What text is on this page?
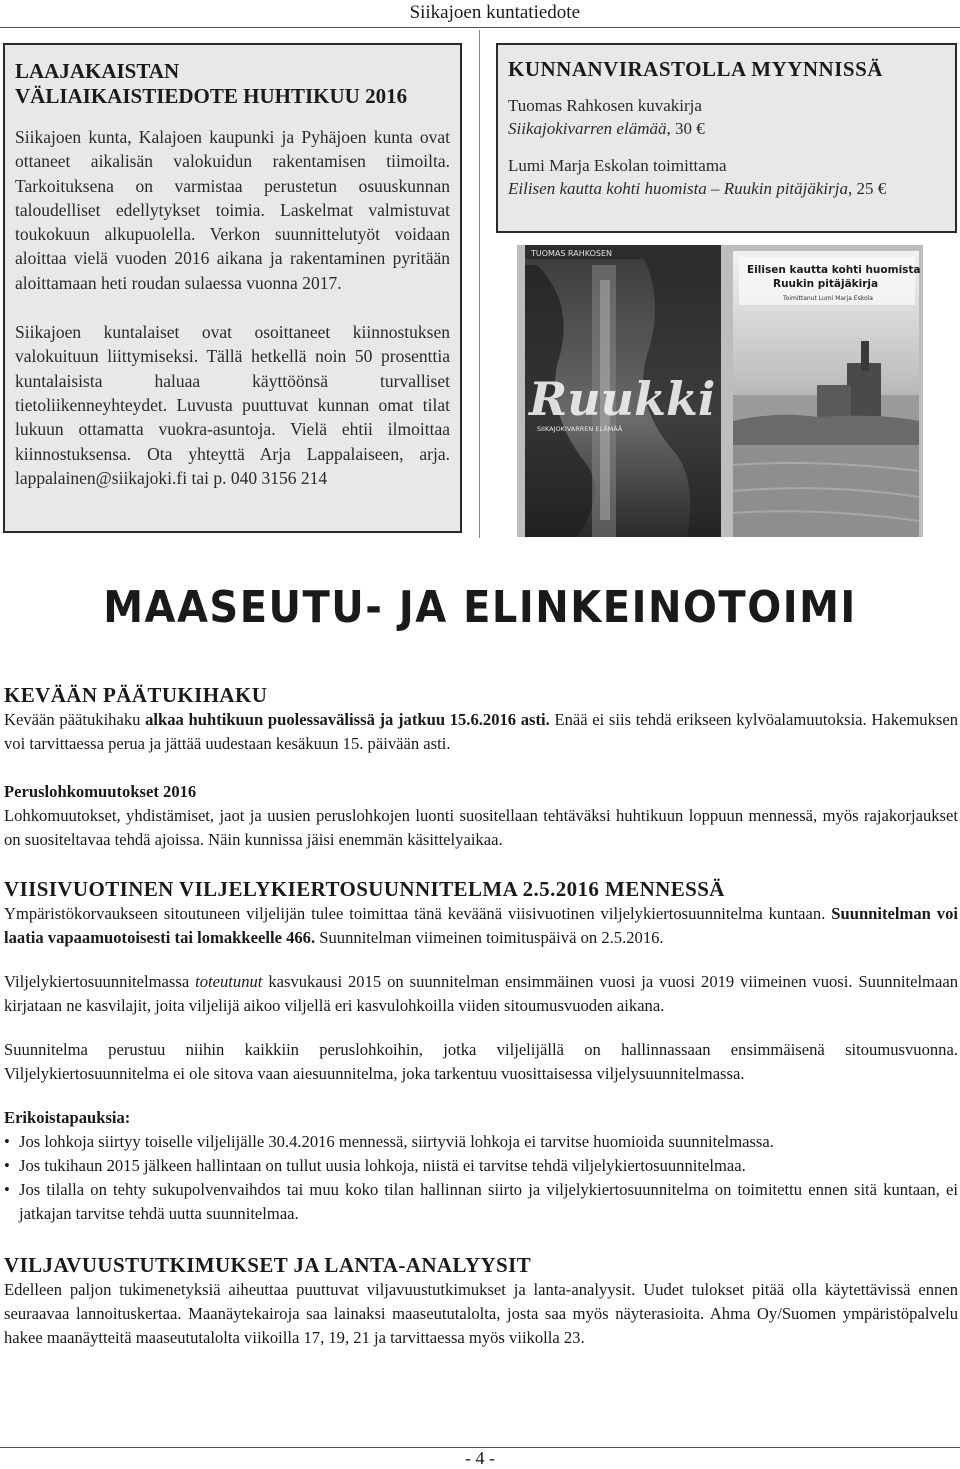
Siikajoen kuntatiedote
LAAJAKAISTAN
VÄLIAIKAISTIEDOTE HUHTIKUU 2016

Siikajoen kunta, Kalajoen kaupunki ja Pyhäjoen kunta ovat ottaneet aikalisän valokuidun rakentamisen tiimoilta. Tarkoituksena on varmistaa perustetun osuuskunnan taloudelliset edellytykset toimia. Laskelmat valmistuvat toukokuun alkupuolella. Verkon suunnittelutyöt voidaan aloittaa vielä vuoden 2016 aikana ja rakentaminen pyritään aloittamaan heti roudan sulaessa vuonna 2017.

Siikajoen kuntalaiset ovat osoittaneet kiinnostuksen valokuituun liittymiseksi. Tällä hetkellä noin 50 prosenttia kuntalaisista haluaa käyttöönsä turvalliset tietoliikenneyhteydet. Luvusta puuttuvat kunnan omat tilat lukuun ottamatta vuokra-asuntoja. Vielä ehtii ilmoittaa kiinnostuksensa. Ota yhteyttä Arja Lappalaiseen, arja. lappalainen@siikajoki.fi tai p. 040 3156 214

KUNNANVIRASTOLLA MYYNNISSÄ

Tuomas Rahkosen kuvakirja

Siikajokivarren elämää, 30 €

Lumi Marja Eskolan toimittama

Eilisen kautta kohti huomista – Ruukin pitäjäkirja, 25 €

TUOMAS RAHKOSEN
Ruukki
SIIKAJOKIVARREN ELÄMÄÄ
Eilisen kautta kohti huomista
Ruukin pitäjäkirja
Toimittanut Lumi Marja Eskola
MAASEUTU- JA ELINKEINOTOIMI
KEVÄÄN PÄÄTUKIHAKU

Kevään päätukihaku alkaa huhtikuun puolessavälissä ja jatkuu 15.6.2016 asti. Enää ei siis tehdä erikseen kylvöalamuutoksia. Hakemuksen voi tarvittaessa perua ja jättää uudestaan kesäkuun 15. päivään asti.

Peruslohkomuutokset 2016

Lohkomuutokset, yhdistämiset, jaot ja uusien peruslohkojen luonti suositellaan tehtäväksi huhtikuun loppuun mennessä, myös rajakorjaukset on suositeltavaa tehdä ajoissa. Näin kunnissa jäisi enemmän käsittelyaikaa.

VIISIVUOTINEN VILJELYKIERTOSUUNNITELMA 2.5.2016 MENNESSÄ

Ympäristökorvaukseen sitoutuneen viljelijän tulee toimittaa tänä keväänä viisivuotinen viljelykiertosuunnitelma kuntaan. Suunnitelman voi laatia vapaamuotoisesti tai lomakkeelle 466. Suunnitelman viimeinen toimituspäivä on 2.5.2016.

Viljelykiertosuunnitelmassa toteutunut kasvukausi 2015 on suunnitelman ensimmäinen vuosi ja vuosi 2019 viimeinen vuosi. Suunnitelmaan kirjataan ne kasvilajit, joita viljelijä aikoo viljellä eri kasvulohkoilla viiden sitoumusvuoden aikana.

Suunnitelma perustuu niihin kaikkiin peruslohkoihin, jotka viljelijällä on hallinnassaan ensimmäisenä sitoumusvuonna. Viljelykiertosuunnitelma ei ole sitova vaan aiesuunnitelma, joka tarkentuu vuosittaisessa viljelysuunnitelmassa.

Erikoistapauksia:
• Jos lohkoja siirtyy toiselle viljelijälle 30.4.2016 mennessä, siirtyviä lohkoja ei tarvitse huomioida suunnitelmassa.
• Jos tukihaun 2015 jälkeen hallintaan on tullut uusia lohkoja, niistä ei tarvitse tehdä viljelykiertosuunnitelmaa.
• Jos tilalla on tehty sukupolvenvaihdos tai muu koko tilan hallinnan siirto ja viljelykiertosuunnitelma on toimitettu ennen sitä kuntaan, ei jatkajan tarvitse tehdä uutta suunnitelmaa.
VILJAVUUSTUTKIMUKSET JA LANTA-ANALYYSIT

Edelleen paljon tukimenetyksiä aiheuttaa puuttuvat viljavuustutkimukset ja lanta-analyysit. Uudet tulokset pitää olla käytettävissä ennen seuraavaa lannoituskertaa. Maanäytekairoja saa lainaksi maaseututalolta, josta saa myös näyterasioita. Ahma Oy/Suomen ympäristöpalvelu hakee maanäytteitä maaseututalolta viikoilla 17, 19, 21 ja tarvittaessa myös viikolla 23.

- 4 -
